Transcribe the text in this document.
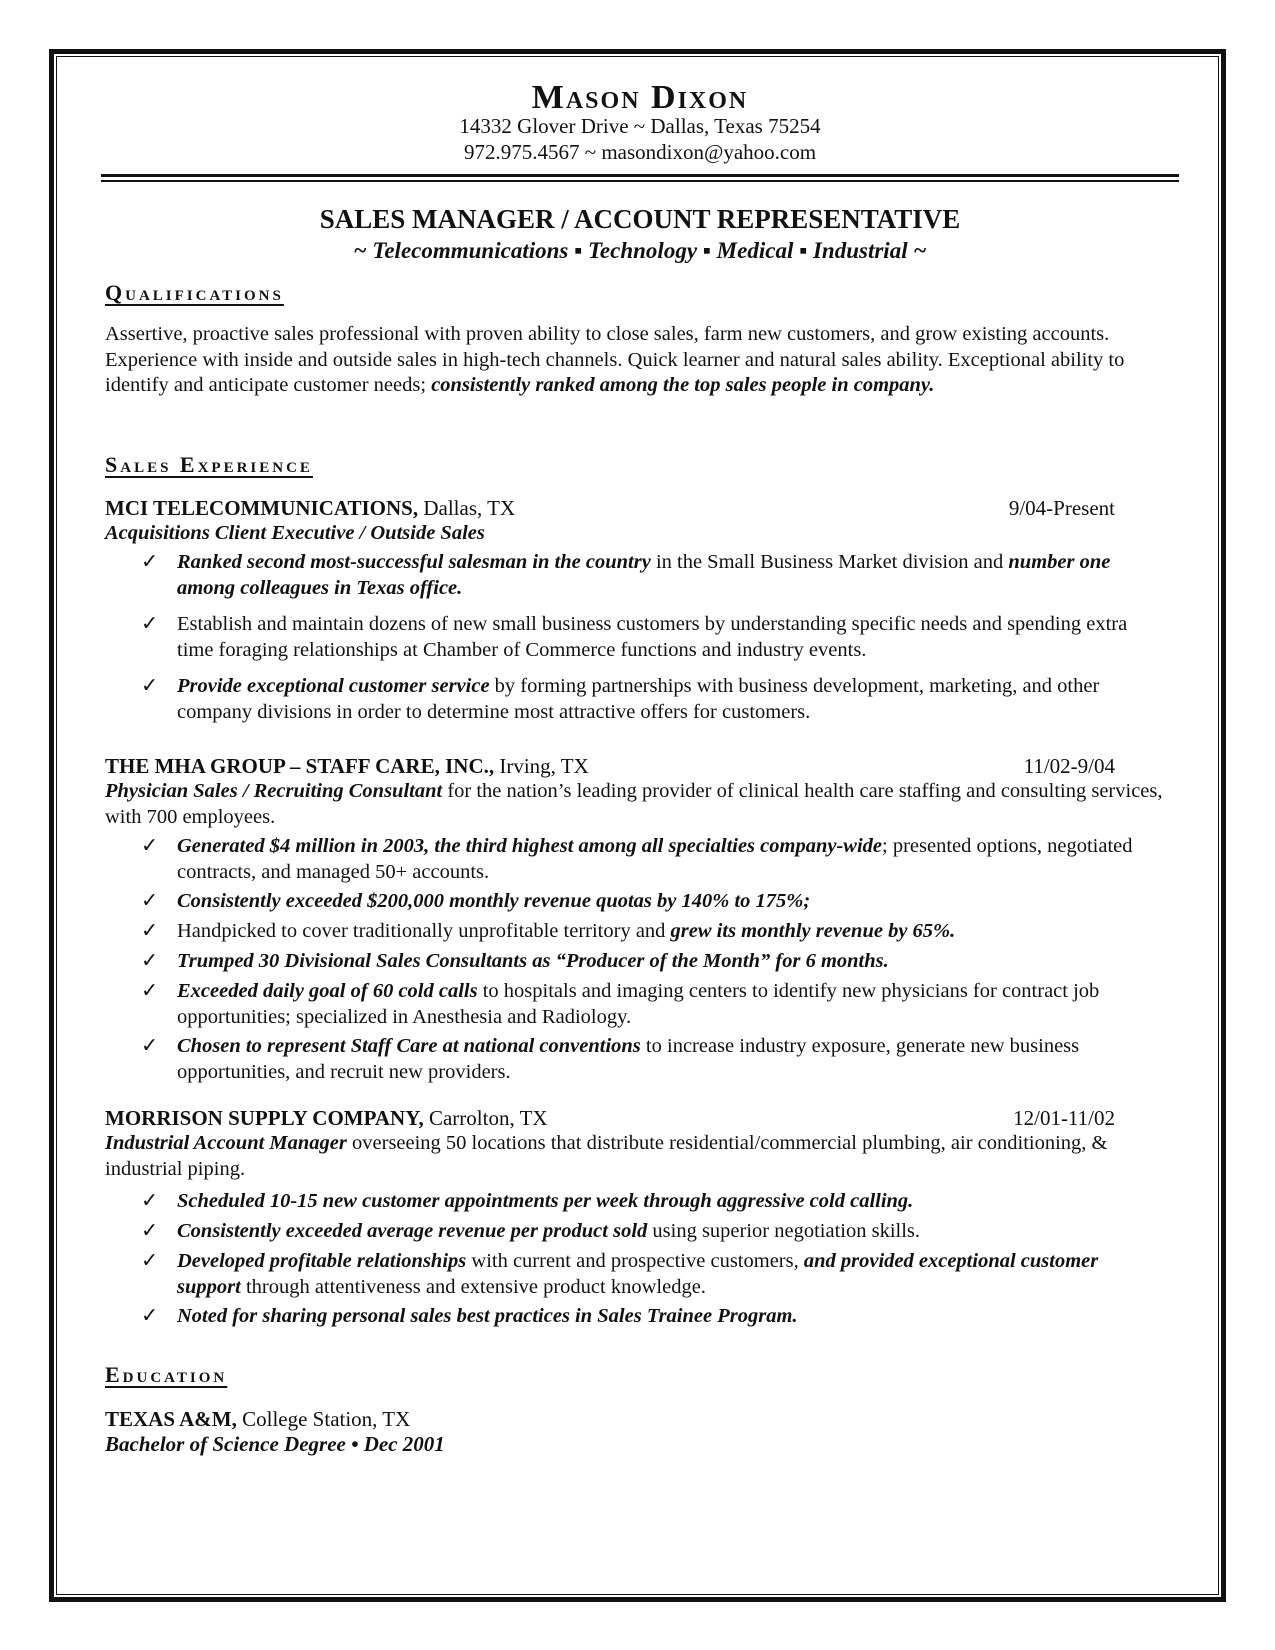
Mason Dixon
14332 Glover Drive ~ Dallas, Texas 75254
972.975.4567 ~ masondixon@yahoo.com
SALES MANAGER / ACCOUNT REPRESENTATIVE
~ Telecommunications ▪ Technology ▪ Medical ▪ Industrial ~
Qualifications
Assertive, proactive sales professional with proven ability to close sales, farm new customers, and grow existing accounts. Experience with inside and outside sales in high-tech channels. Quick learner and natural sales ability. Exceptional ability to identify and anticipate customer needs; consistently ranked among the top sales people in company.
Sales Experience
MCI TELECOMMUNICATIONS, Dallas, TX	9/04-Present
Acquisitions Client Executive / Outside Sales
✓ Ranked second most-successful salesman in the country in the Small Business Market division and number one among colleagues in Texas office.
✓ Establish and maintain dozens of new small business customers by understanding specific needs and spending extra time foraging relationships at Chamber of Commerce functions and industry events.
✓ Provide exceptional customer service by forming partnerships with business development, marketing, and other company divisions in order to determine most attractive offers for customers.
THE MHA GROUP – STAFF CARE, INC., Irving, TX	11/02-9/04
Physician Sales / Recruiting Consultant for the nation’s leading provider of clinical health care staffing and consulting services, with 700 employees.
✓ Generated $4 million in 2003, the third highest among all specialties company-wide; presented options, negotiated contracts, and managed 50+ accounts.
✓ Consistently exceeded $200,000 monthly revenue quotas by 140% to 175%;
✓ Handpicked to cover traditionally unprofitable territory and grew its monthly revenue by 65%.
✓ Trumped 30 Divisional Sales Consultants as “Producer of the Month” for 6 months.
✓ Exceeded daily goal of 60 cold calls to hospitals and imaging centers to identify new physicians for contract job opportunities; specialized in Anesthesia and Radiology.
✓ Chosen to represent Staff Care at national conventions to increase industry exposure, generate new business opportunities, and recruit new providers.
MORRISON SUPPLY COMPANY, Carrolton, TX	12/01-11/02
Industrial Account Manager overseeing 50 locations that distribute residential/commercial plumbing, air conditioning, & industrial piping.
✓ Scheduled 10-15 new customer appointments per week through aggressive cold calling.
✓ Consistently exceeded average revenue per product sold using superior negotiation skills.
✓ Developed profitable relationships with current and prospective customers, and provided exceptional customer support through attentiveness and extensive product knowledge.
✓ Noted for sharing personal sales best practices in Sales Trainee Program.
Education
TEXAS A&M, College Station, TX
Bachelor of Science Degree • Dec 2001
